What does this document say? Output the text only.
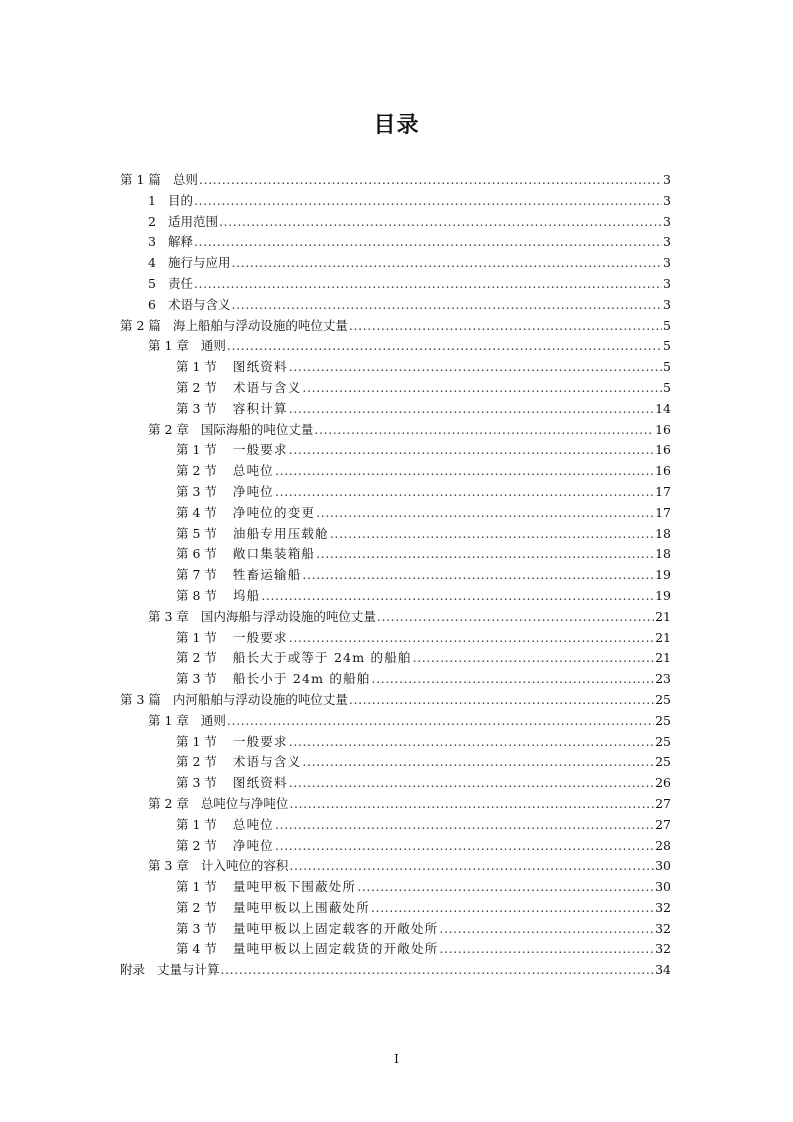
目录
第 1 篇 总则 .....	3
1 目的 .....	3
2 适用范围 .....	3
3 解释 .....	3
4 施行与应用 .....	3
5 责任 .....	3
6 术语与含义 .....	3
第 2 篇 海上船舶与浮动设施的吨位丈量 .....	5
第 1 章 通则 .....	5
第 1 节 图纸资料 .....	5
第 2 节 术语与含义 .....	5
第 3 节 容积计算 .....	14
第 2 章 国际海船的吨位丈量 .....	16
第 1 节 一般要求 .....	16
第 2 节 总吨位 .....	16
第 3 节 净吨位 .....	17
第 4 节 净吨位的变更 .....	17
第 5 节 油船专用压载舱 .....	18
第 6 节 敞口集装箱船 .....	18
第 7 节 牲畜运输船 .....	19
第 8 节 坞船 .....	19
第 3 章 国内海船与浮动设施的吨位丈量 .....	21
第 1 节 一般要求 .....	21
第 2 节 船长大于或等于 24m 的船舶 .....	21
第 3 节 船长小于 24m 的船舶 .....	23
第 3 篇 内河船舶与浮动设施的吨位丈量 .....	25
第 1 章 通则 .....	25
第 1 节 一般要求 .....	25
第 2 节 术语与含义 .....	25
第 3 节 图纸资料 .....	26
第 2 章 总吨位与净吨位 .....	27
第 1 节 总吨位 .....	27
第 2 节 净吨位 .....	28
第 3 章 计入吨位的容积 .....	30
第 1 节 量吨甲板下围蔽处所 .....	30
第 2 节 量吨甲板以上围蔽处所 .....	32
第 3 节 量吨甲板以上固定载客的开敞处所 .....	32
第 4 节 量吨甲板以上固定载货的开敞处所 .....	32
附录 丈量与计算 .....	34
I
